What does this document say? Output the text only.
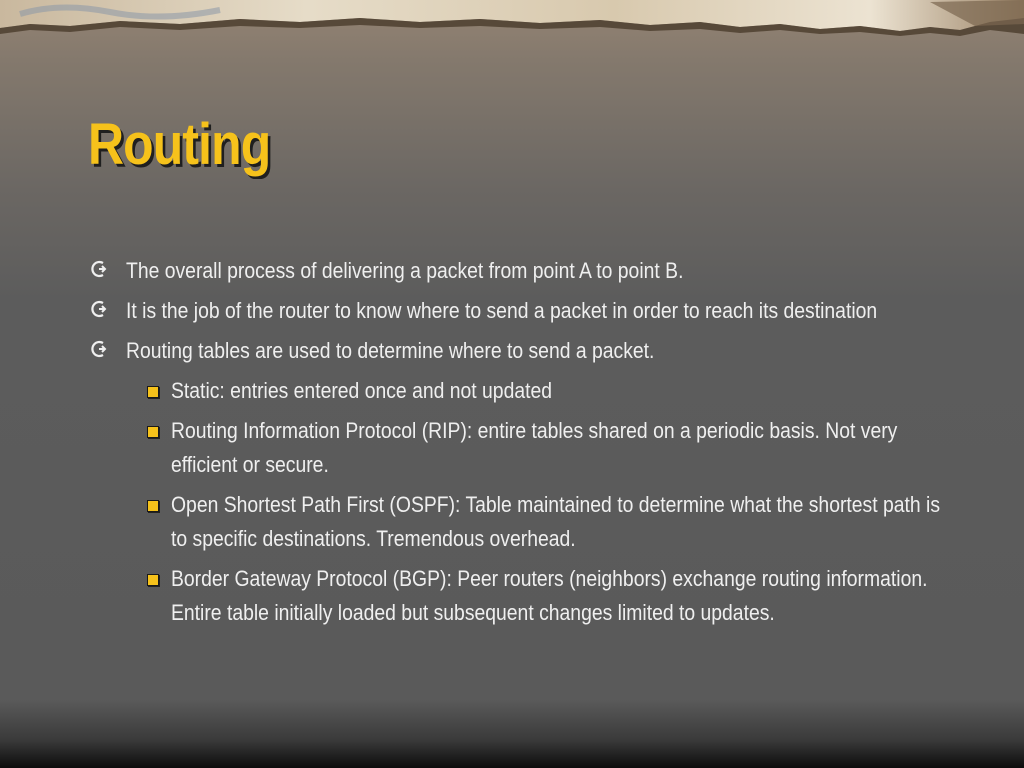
Routing
The overall process of delivering a packet from point A to point B.
It is the job of the router to know where to send a packet in order to reach its destination
Routing tables are used to determine where to send a packet.
Static: entries entered once and not updated
Routing Information Protocol (RIP): entire tables shared on a periodic basis. Not very efficient or secure.
Open Shortest Path First (OSPF): Table maintained to determine what the shortest path is to specific destinations. Tremendous overhead.
Border Gateway Protocol (BGP): Peer routers (neighbors) exchange routing information. Entire table initially loaded but subsequent changes limited to updates.
